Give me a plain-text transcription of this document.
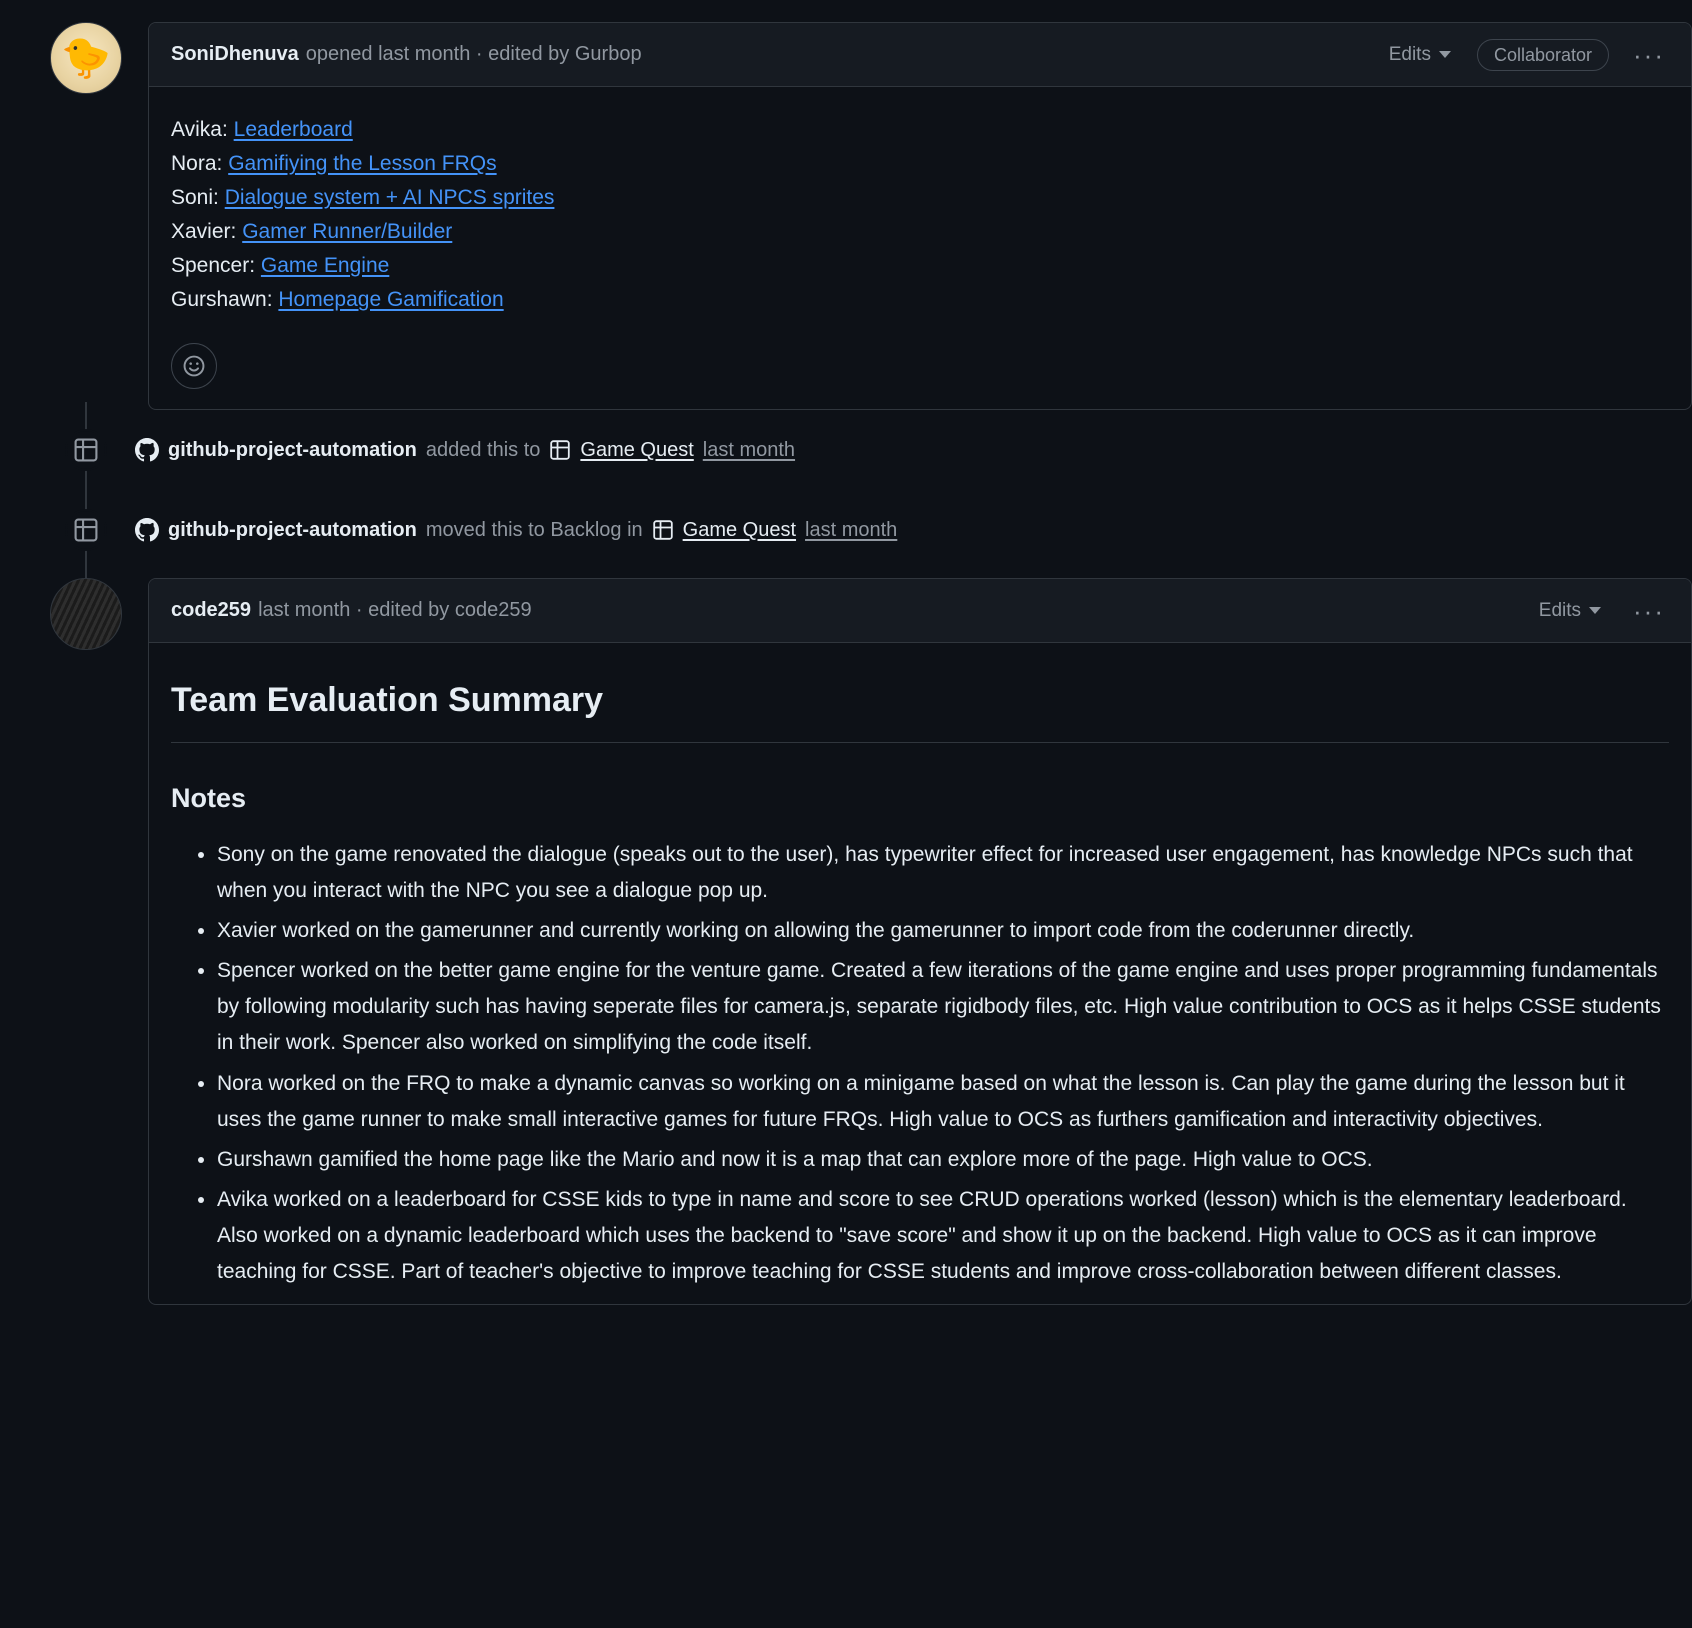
🐤	SoniDhenuva opened last month · edited by Gurbop	Edits	Collaborator	···
Avika: Leaderboard
Nora: Gamifiying the Lesson FRQs
Soni: Dialogue system + AI NPCS sprites
Xavier: Gamer Runner/Builder
Spencer: Game Engine
Gurshawn: Homepage Gamification
github-project-automation added this to Game Quest last month
github-project-automation moved this to Backlog in Game Quest last month
code259 last month · edited by code259	Edits ···
Team Evaluation Summary
Notes
• Sony on the game renovated the dialogue (speaks out to the user), has typewriter effect for increased user engagement, has knowledge NPCs such that when you interact with the NPC you see a dialogue pop up.
• Xavier worked on the gamerunner and currently working on allowing the gamerunner to import code from the coderunner directly.
• Spencer worked on the better game engine for the venture game. Created a few iterations of the game engine and uses proper programming fundamentals by following modularity such has having seperate files for camera.js, separate rigidbody files, etc. High value contribution to OCS as it helps CSSE students in their work. Spencer also worked on simplifying the code itself.
• Nora worked on the FRQ to make a dynamic canvas so working on a minigame based on what the lesson is. Can play the game during the lesson but it uses the game runner to make small interactive games for future FRQs. High value to OCS as furthers gamification and interactivity objectives.
• Gurshawn gamified the home page like the Mario and now it is a map that can explore more of the page. High value to OCS.
• Avika worked on a leaderboard for CSSE kids to type in name and score to see CRUD operations worked (lesson) which is the elementary leaderboard. Also worked on a dynamic leaderboard which uses the backend to "save score" and show it up on the backend. High value to OCS as it can improve teaching for CSSE. Part of teacher's objective to improve teaching for CSSE students and improve cross-collaboration between different classes.
